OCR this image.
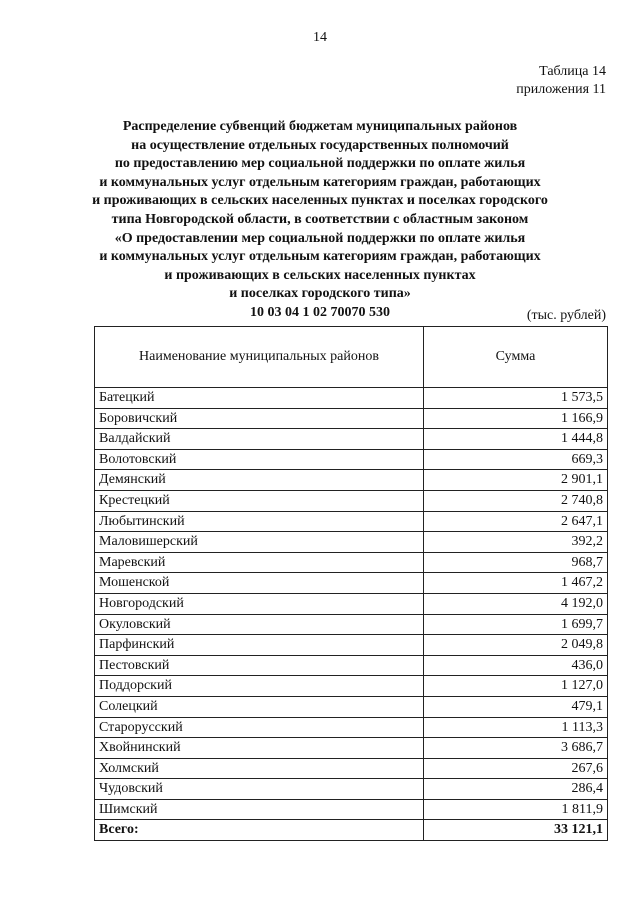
14
Таблица 14
приложения 11
Распределение субвенций бюджетам муниципальных районов
на осуществление отдельных государственных полномочий
по предоставлению мер социальной поддержки по оплате жилья
и коммунальных услуг отдельным категориям граждан, работающих
и проживающих в сельских населенных пунктах и поселках городского
типа Новгородской области, в соответствии с областным законом
«О предоставлении мер социальной поддержки по оплате жилья
и коммунальных услуг отдельным категориям граждан, работающих
и проживающих в сельских населенных пунктах
и поселках городского типа»
10 03 04 1 02 70070 530	(тыс. рублей)
Наименование муниципальных районов	Сумма
Батецкий	1 573,5
Боровичский	1 166,9
Валдайский	1 444,8
Волотовский	669,3
Демянский	2 901,1
Крестецкий	2 740,8
Любытинский	2 647,1
Маловишерский	392,2
Маревский	968,7
Мошенской	1 467,2
Новгородский	4 192,0
Окуловский	1 699,7
Парфинский	2 049,8
Пестовский	436,0
Поддорский	1 127,0
Солецкий	479,1
Старорусский	1 113,3
Хвойнинский	3 686,7
Холмский	267,6
Чудовский	286,4
Шимский	1 811,9
Всего:	33 121,1
